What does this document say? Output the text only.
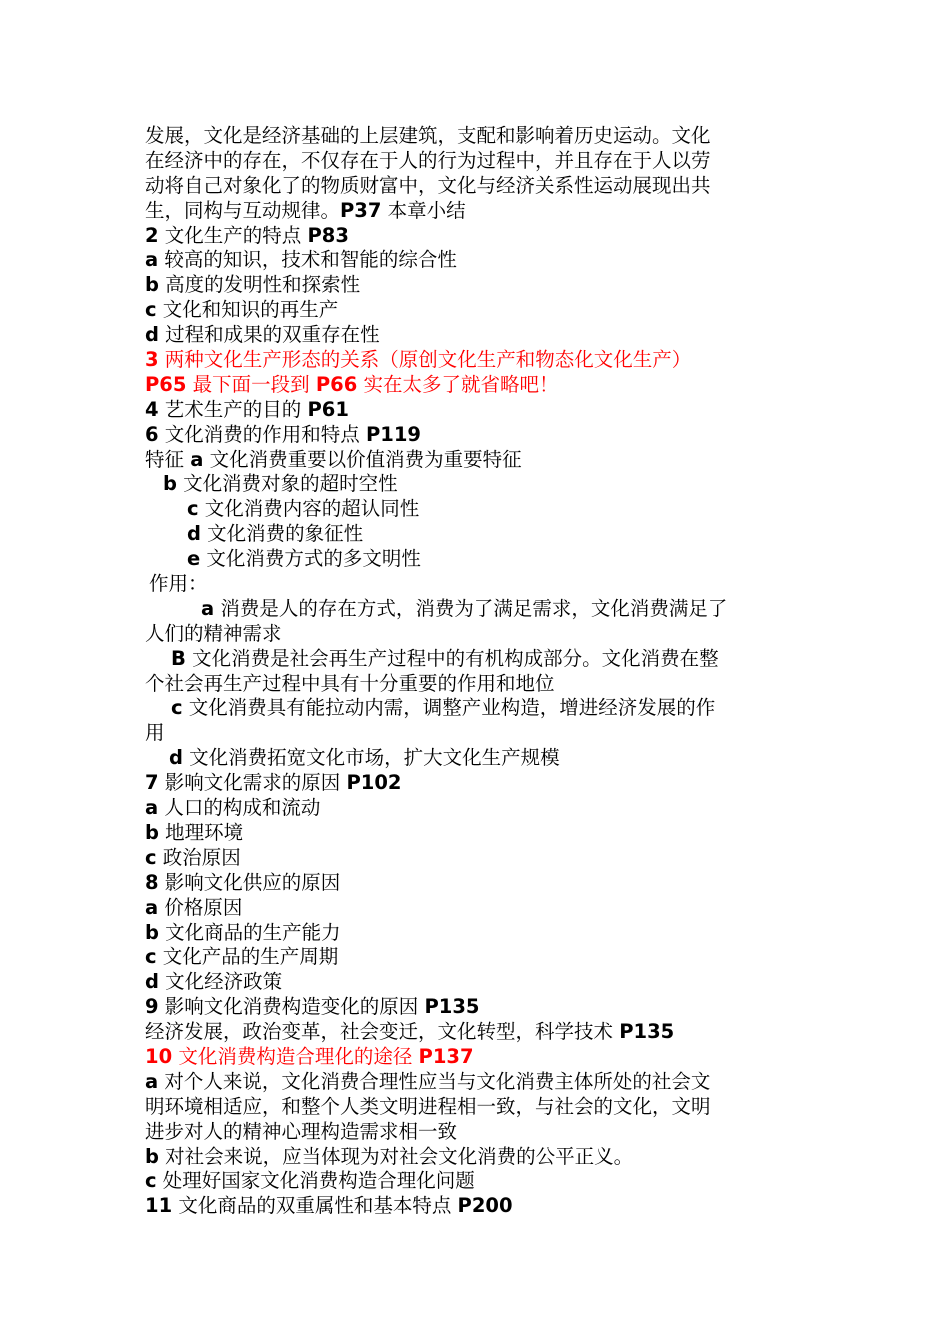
发展，文化是经济基础的上层建筑，支配和影响着历史运动。文化
在经济中的存在，不仅存在于人的行为过程中，并且存在于人以劳
动将自己对象化了的物质财富中，文化与经济关系性运动展现出共
生，同构与互动规律。P37 本章小结
2 文化生产的特点 P83
a 较高的知识，技术和智能的综合性
b 高度的发明性和探索性
c 文化和知识的再生产
d 过程和成果的双重存在性
3 两种文化生产形态的关系（原创文化生产和物态化文化生产）
P65 最下面一段到 P66 实在太多了就省略吧！
4 艺术生产的目的 P61
6 文化消费的作用和特点 P119
特征 a 文化消费重要以价值消费为重要特征
b 文化消费对象的超时空性
c 文化消费内容的超认同性
d 文化消费的象征性
e 文化消费方式的多文明性
作用：
a 消费是人的存在方式，消费为了满足需求，文化消费满足了
人们的精神需求
B 文化消费是社会再生产过程中的有机构成部分。文化消费在整
个社会再生产过程中具有十分重要的作用和地位
c 文化消费具有能拉动内需，调整产业构造，增进经济发展的作
用
d 文化消费拓宽文化市场，扩大文化生产规模
7 影响文化需求的原因 P102
a 人口的构成和流动
b 地理环境
c 政治原因
8 影响文化供应的原因
a 价格原因
b 文化商品的生产能力
c 文化产品的生产周期
d 文化经济政策
9 影响文化消费构造变化的原因 P135
经济发展，政治变革，社会变迁，文化转型，科学技术 P135
10 文化消费构造合理化的途径 P137
a 对个人来说，文化消费合理性应当与文化消费主体所处的社会文
明环境相适应，和整个人类文明进程相一致，与社会的文化，文明
进步对人的精神心理构造需求相一致
b 对社会来说，应当体现为对社会文化消费的公平正义。
c 处理好国家文化消费构造合理化问题
11 文化商品的双重属性和基本特点 P200
